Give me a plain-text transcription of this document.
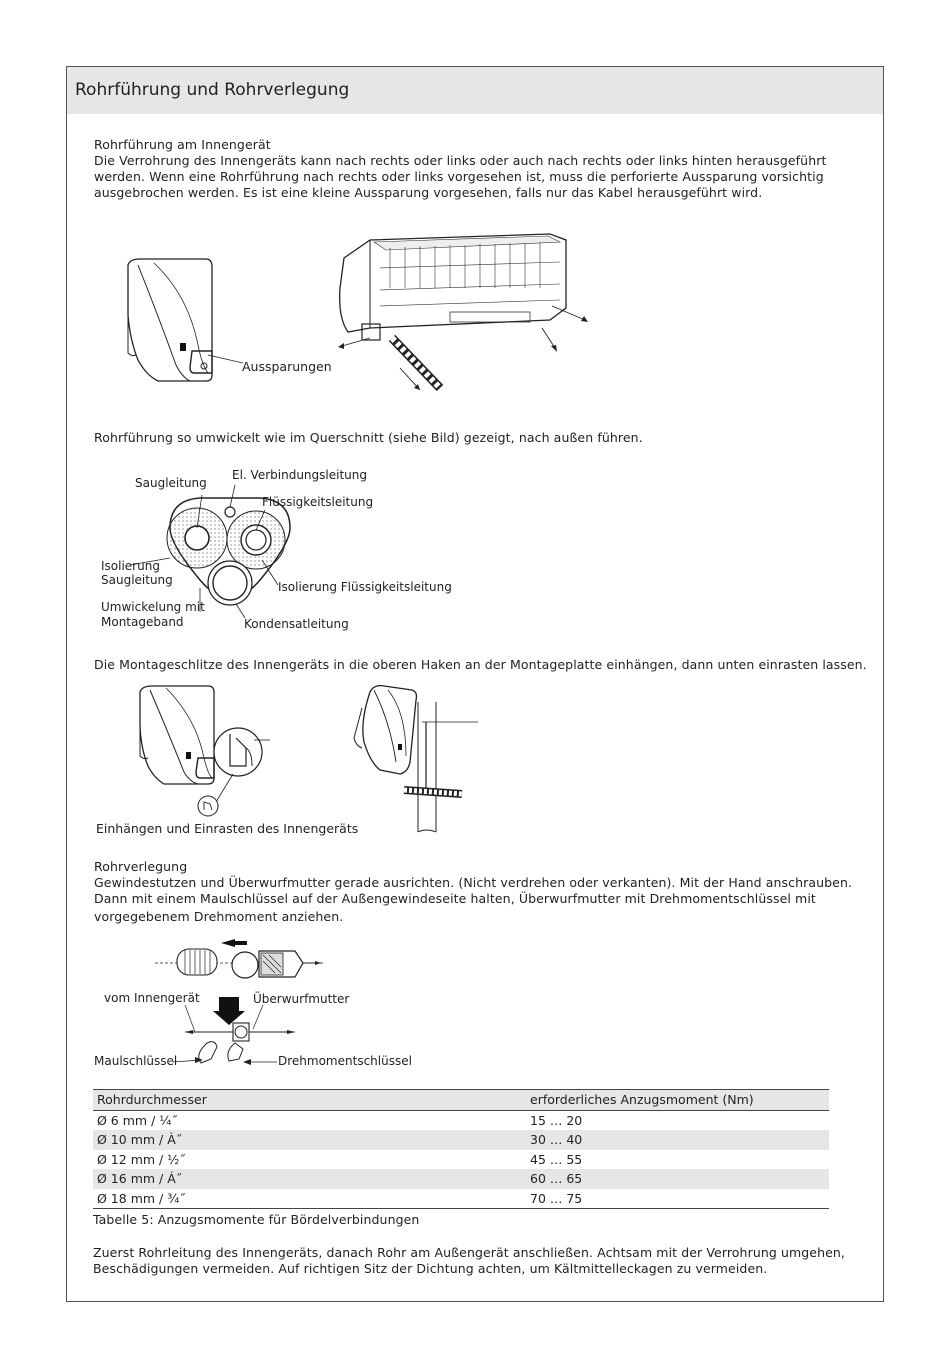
Rohrführung und Rohrverlegung
Rohrführung am Innengerät
Die Verrohrung des Innengeräts kann nach rechts oder links oder auch nach rechts oder links hinten herausgeführt
werden. Wenn eine Rohrführung nach rechts oder links vorgesehen ist, muss die perforierte Aussparung vorsichtig
ausgebrochen werden. Es ist eine kleine Aussparung vorgesehen, falls nur das Kabel herausgeführt wird.
Aussparungen
Rohrführung so umwickelt wie im Querschnitt (siehe Bild) gezeigt, nach außen führen.
Saugleitung
El. Verbindungsleitung
Flüssigkeitsleitung
Isolierung
Saugleitung	Isolierung Flüssigkeitsleitung
Umwickelung mit
Montageband	Kondensatleitung
Die Montageschlitze des Innengeräts in die oberen Haken an der Montageplatte einhängen, dann unten einrasten lassen.
Einhängen und Einrasten des Innengeräts
Rohrverlegung
Gewindestutzen und Überwurfmutter gerade ausrichten. (Nicht verdrehen oder verkanten). Mit der Hand anschrauben.
Dann mit einem Maulschlüssel auf der Außengewindeseite halten, Überwurfmutter mit Drehmomentschlüssel mit
vorgegebenem Drehmoment anziehen.
vom Innengerät	Überwurfmutter
Maulschlüssel	Drehmomentschlüssel
Rohrdurchmesser	erforderliches Anzugsmoment (Nm)
Ø 6 mm / ¼˝	15 … 20
Ø 10 mm / À˝	30 … 40
Ø 12 mm / ½˝	45 … 55
Ø 16 mm / Á˝	60 … 65
Ø 18 mm / ¾˝	70 … 75
Tabelle 5: Anzugsmomente für Bördelverbindungen
Zuerst Rohrleitung des Innengeräts, danach Rohr am Außengerät anschließen. Achtsam mit der Verrohrung umgehen,
Beschädigungen vermeiden. Auf richtigen Sitz der Dichtung achten, um Kältmittelleckagen zu vermeiden.
